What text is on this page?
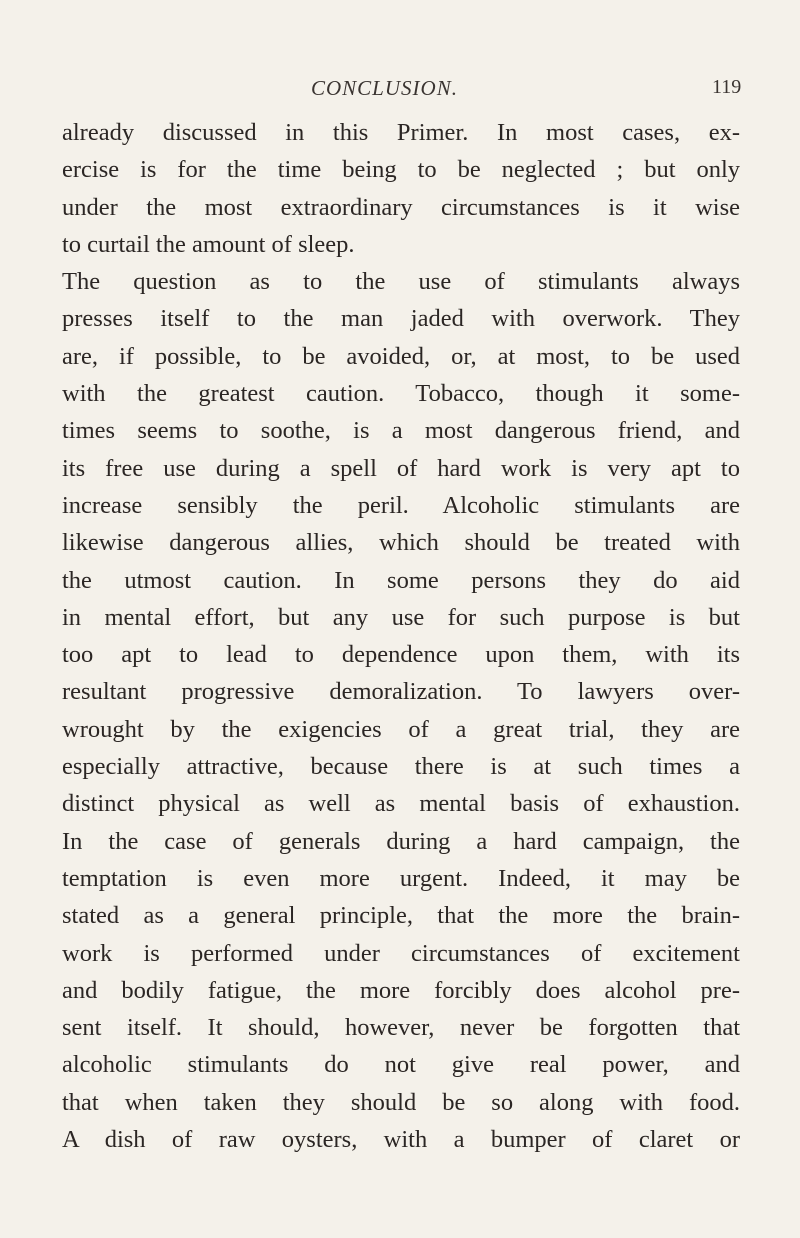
CONCLUSION.	119
already discussed in this Primer. In most cases, ex-
ercise is for the time being to be neglected ; but only
under the most extraordinary circumstances is it wise
to curtail the amount of sleep.
The question as to the use of stimulants always
presses itself to the man jaded with overwork. They
are, if possible, to be avoided, or, at most, to be used
with the greatest caution. Tobacco, though it some-
times seems to soothe, is a most dangerous friend, and
its free use during a spell of hard work is very apt to
increase sensibly the peril. Alcoholic stimulants are
likewise dangerous allies, which should be treated with
the utmost caution. In some persons they do aid
in mental effort, but any use for such purpose is but
too apt to lead to dependence upon them, with its
resultant progressive demoralization. To lawyers over-
wrought by the exigencies of a great trial, they are
especially attractive, because there is at such times a
distinct physical as well as mental basis of exhaustion.
In the case of generals during a hard campaign, the
temptation is even more urgent. Indeed, it may be
stated as a general principle, that the more the brain-
work is performed under circumstances of excitement
and bodily fatigue, the more forcibly does alcohol pre-
sent itself. It should, however, never be forgotten that
alcoholic stimulants do not give real power, and
that when taken they should be so along with food.
A dish of raw oysters, with a bumper of claret or
